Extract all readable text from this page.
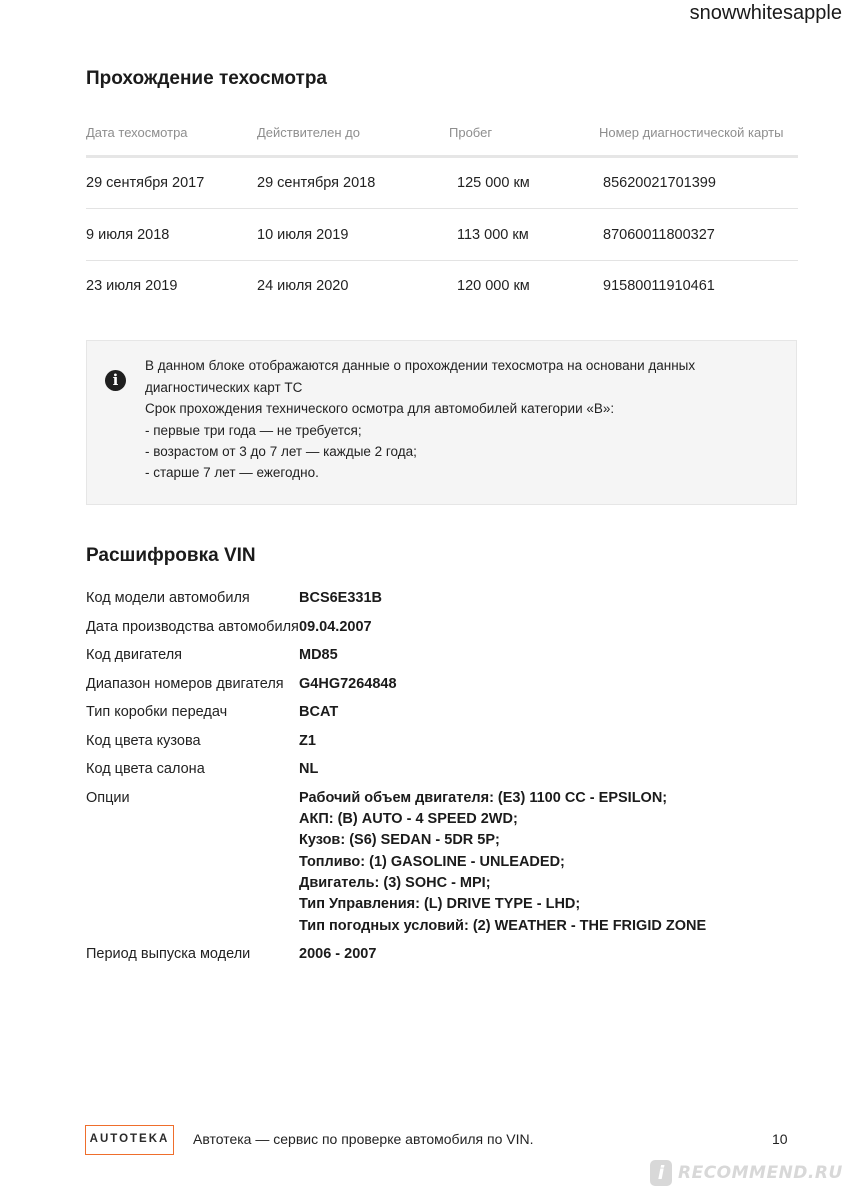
snowwhitesapple
Прохождение техосмотра
Дата техосмотра	Действителен до	Пробег	Номер диагностической карты
29 сентября 2017	29 сентября 2018	125 000 км	85620021701399
9 июля 2018	10 июля 2019	113 000 км	87060011800327
23 июля 2019	24 июля 2020	120 000 км	91580011910461
i
В данном блоке отображаются данные о прохождении техосмотра на основани данных
диагностических карт ТС
Срок прохождения технического осмотра для автомобилей категории «B»:
- первые три года — не требуется;
- возрастом от 3 до 7 лет — каждые 2 года;
- старше 7 лет — ежегодно.
Расшифровка VIN
Код модели автомобиля	BCS6E331B
Дата производства автомобиля 09.04.2007
Код двигателя	MD85
Диапазон номеров двигателя G4HG7264848
Тип коробки передач	BCAT
Код цвета кузова	Z1
Код цвета салона	NL
Опции	Рабочий объем двигателя: (E3) 1100 CC - EPSILON;
АКП: (B) AUTO - 4 SPEED 2WD;
Кузов: (S6) SEDAN - 5DR 5P;
Топливо: (1) GASOLINE - UNLEADED;
Двигатель: (3) SOHC - MPI;
Тип Управления: (L) DRIVE TYPE - LHD;
Тип погодных условий: (2) WEATHER - THE FRIGID ZONE
Период выпуска модели	2006 - 2007
AUTOTEKA	Автотека — сервис по проверке автомобиля по VIN.	10
i RECOMMEND.RU
